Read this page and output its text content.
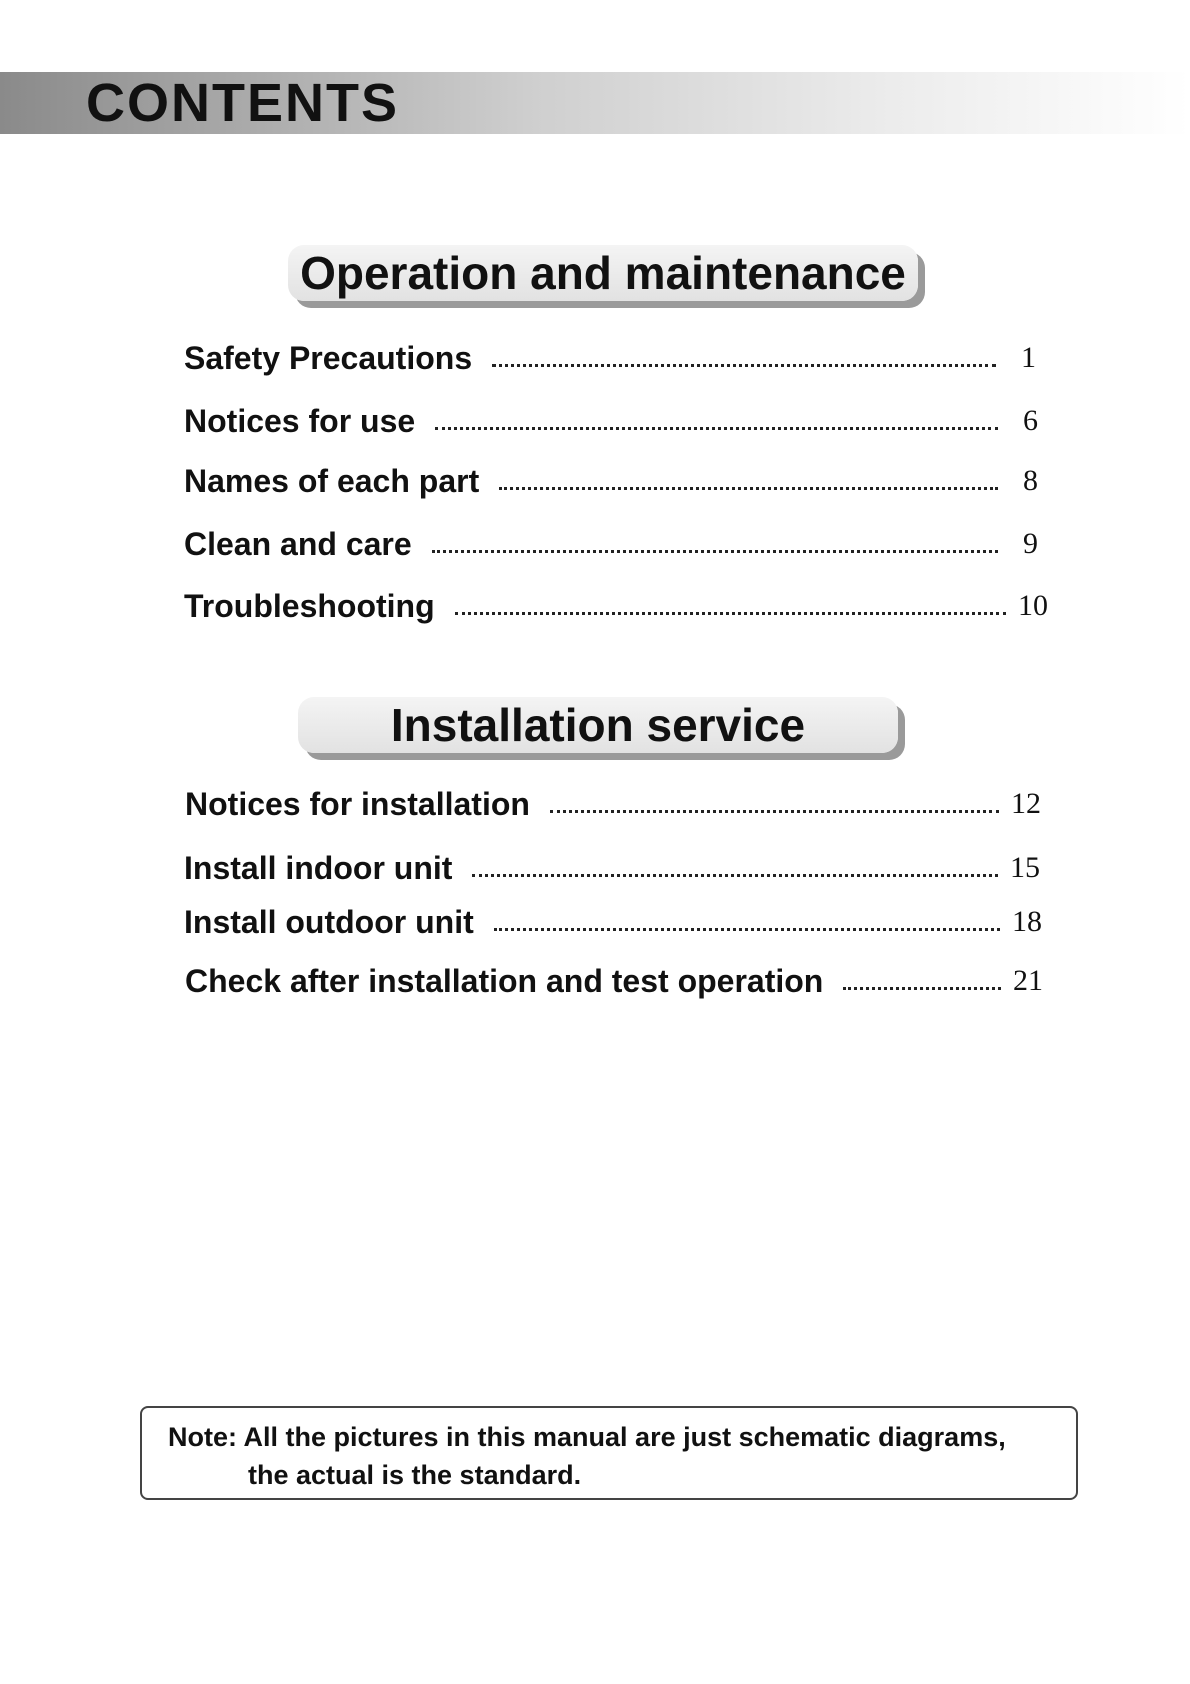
CONTENTS
Operation and maintenance
Safety Precautions	1
Notices for use	6
Names of each part	8
Clean and care	9
Troubleshooting	10
Installation service
Notices for installation	12
Install indoor unit	15
Install outdoor unit	18
Check after installation and test operation	21
Note: All the pictures in this manual are just schematic diagrams,
the actual is the standard.
